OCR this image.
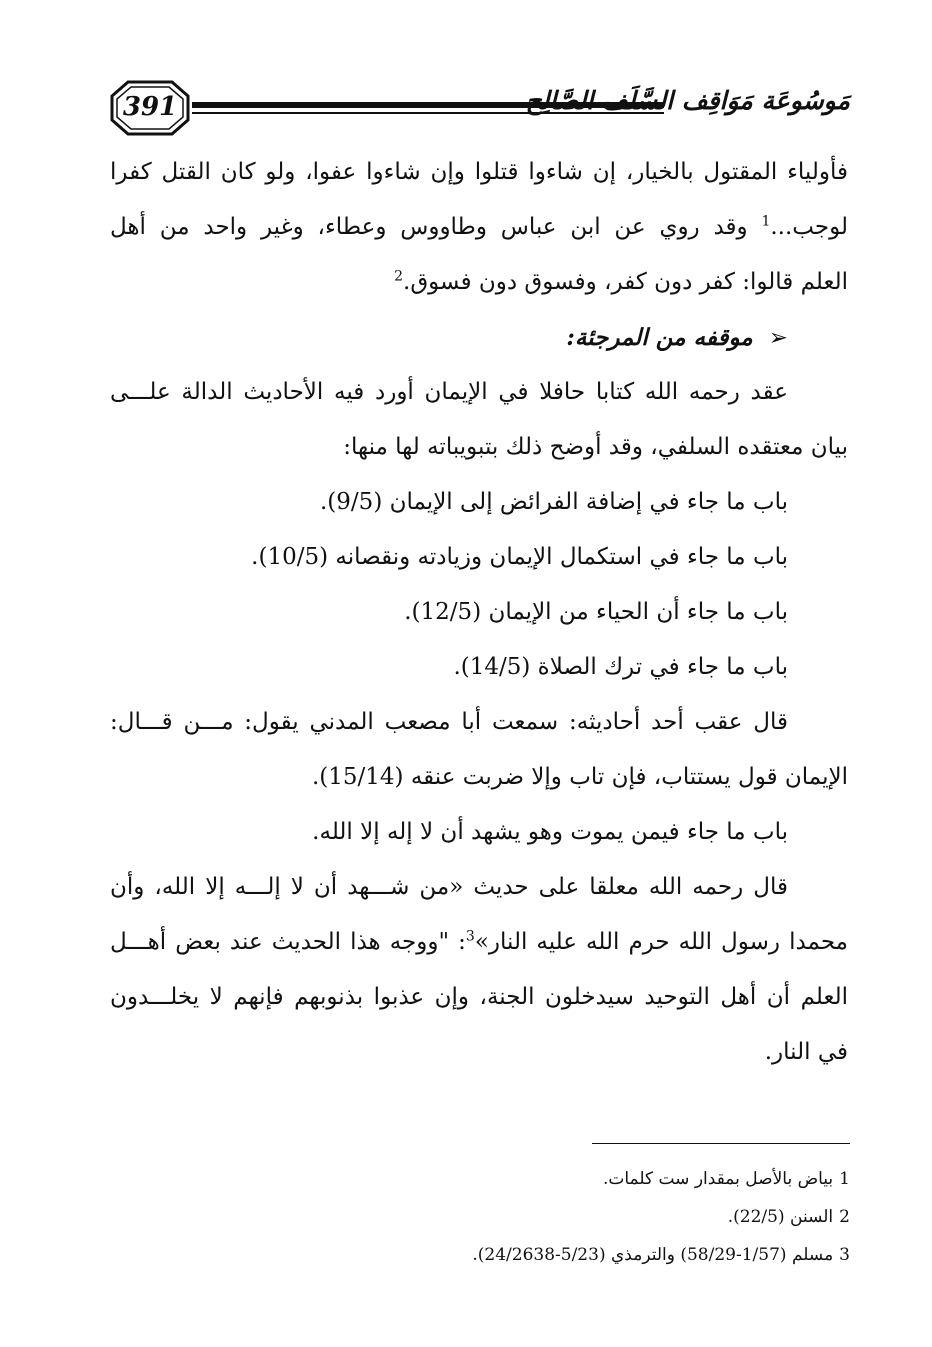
391	مَوسُوعَة مَوَاقِف السَّلَف الصَّالِح
فأولياء المقتول بالخيار، إن شاءوا قتلوا وإن شاءوا عفوا، ولو كان القتل كفرا
لوجب...$^1$ وقد روي عن ابن عباس وطاووس وعطاء، وغير واحد من أهل
العلم قالوا: كفر دون كفر، وفسوق دون فسوق.$^2$
➢موقفه من المرجئة:
عقد رحمه الله كتابا حافلا في الإيمان أورد فيه الأحاديث الدالة علـــى
بيان معتقده السلفي، وقد أوضح ذلك بتبويباته لها منها:
باب ما جاء في إضافة الفرائض إلى الإيمان (9/5).
باب ما جاء في استكمال الإيمان وزيادته ونقصانه (10/5).
باب ما جاء أن الحياء من الإيمان (12/5).
باب ما جاء في ترك الصلاة (14/5).
قال عقب أحد أحاديثه: سمعت أبا مصعب المدني يقول: مـــن قـــال:
الإيمان قول يستتاب، فإن تاب وإلا ضربت عنقه (15/14).
باب ما جاء فيمن يموت وهو يشهد أن لا إله إلا الله.
قال رحمه الله معلقا على حديث «من شـــهد أن لا إلـــه إلا الله، وأن
محمدا رسول الله حرم الله عليه النار»$^3$: "ووجه هذا الحديث عند بعض أهـــل
العلم أن أهل التوحيد سيدخلون الجنة، وإن عذبوا بذنوبهم فإنهم لا يخلـــدون
في النار.
1بياض بالأصل بمقدار ست كلمات.
2السنن (22/5).
3مسلم (1/57-58/29) والترمذي (5/23-24/2638).
